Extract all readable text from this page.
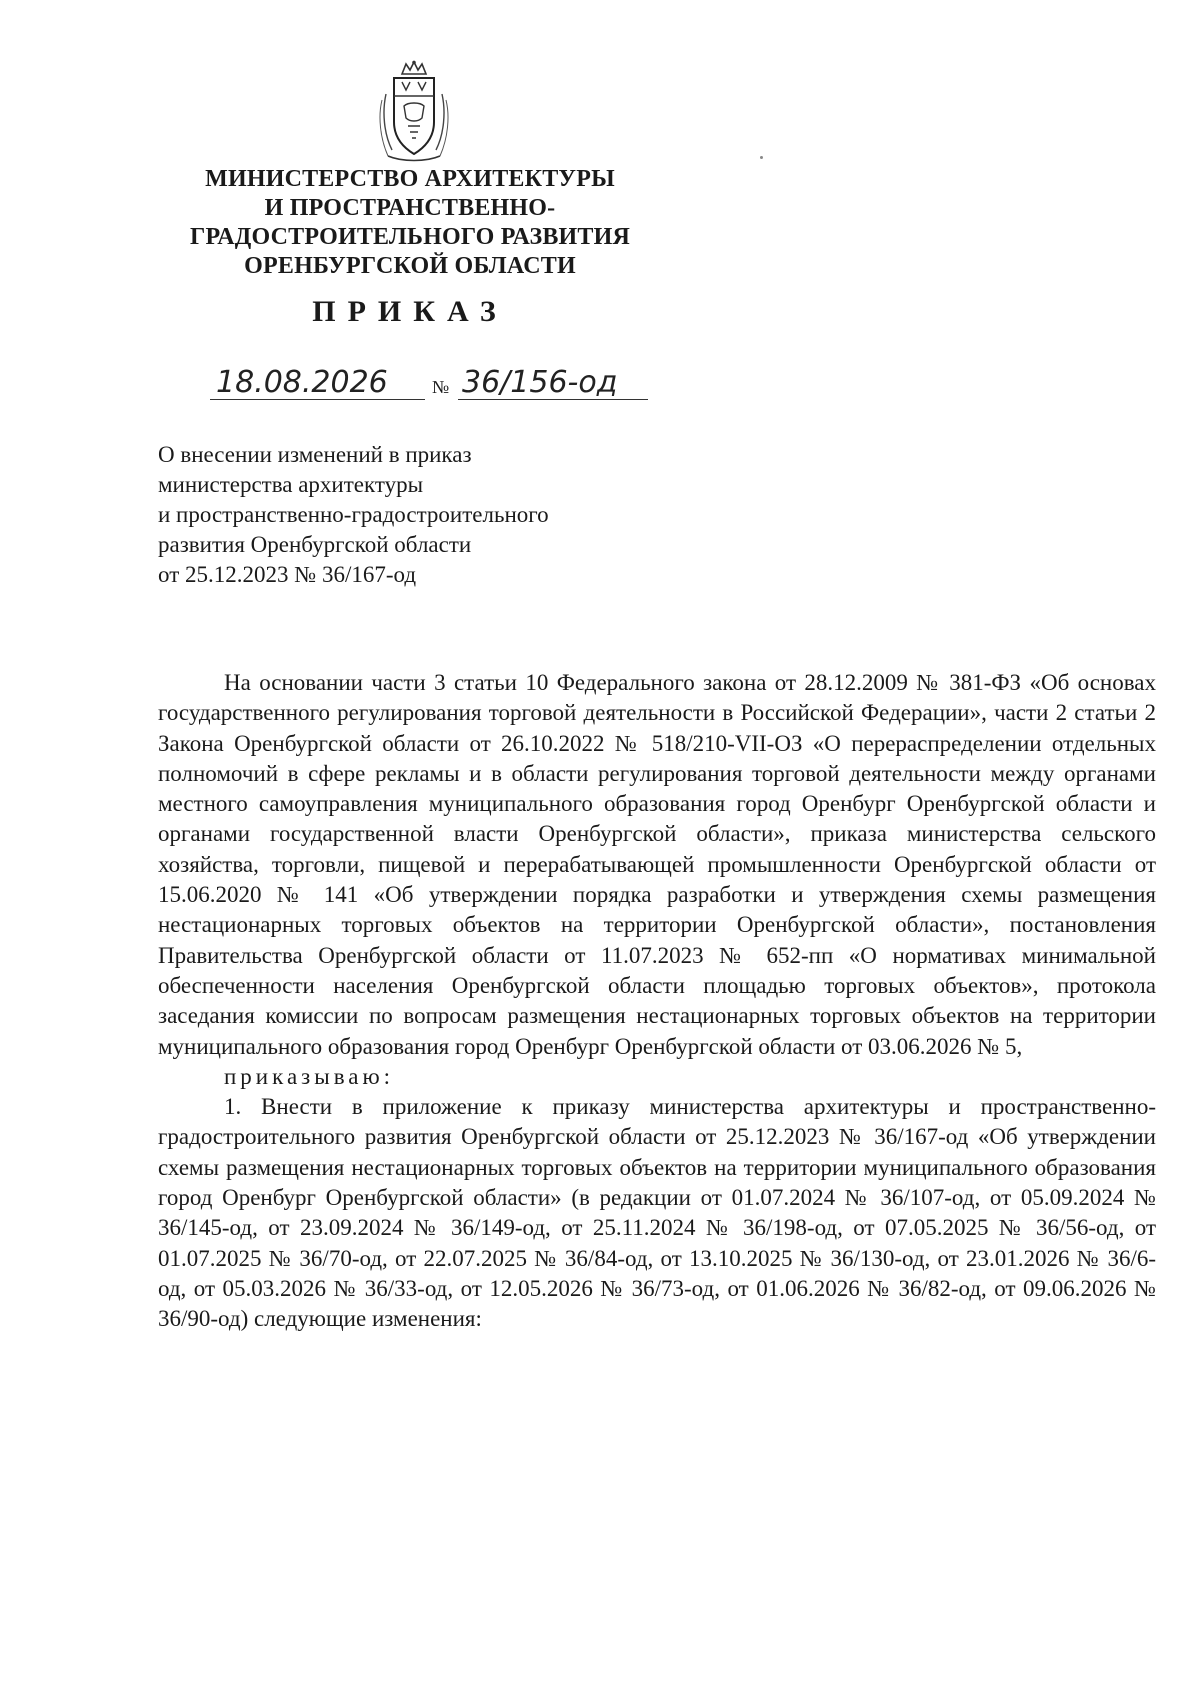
МИНИСТЕРСТВО АРХИТЕКТУРЫ
И ПРОСТРАНСТВЕННО-
ГРАДОСТРОИТЕЛЬНОГО РАЗВИТИЯ
ОРЕНБУРГСКОЙ ОБЛАСТИ
ПРИКАЗ
18.08.2026 № 36/156-од
О внесении изменений в приказ
министерства архитектуры
и пространственно-градостроительного
развития Оренбургской области
от 25.12.2023 № 36/167-од

На основании части 3 статьи 10 Федерального закона от 28.12.2009 № 381-ФЗ «Об основах государственного регулирования торговой деятельности в Российской Федерации», части 2 статьи 2 Закона Оренбургской области от 26.10.2022 № 518/210-VII-ОЗ «О перераспределении отдельных полномочий в сфере рекламы и в области регулирования торговой деятельности между органами местного самоуправления муниципального образования город Оренбург Оренбургской области и органами государственной власти Оренбургской области», приказа министерства сельского хозяйства, торговли, пищевой и перерабатывающей промышленности Оренбургской области от 15.06.2020 № 141 «Об утверждении порядка разработки и утверждения схемы размещения нестационарных торговых объектов на территории Оренбургской области», постановления Правительства Оренбургской области от 11.07.2023 № 652-пп «О нормативах минимальной обеспеченности населения Оренбургской области площадью торговых объектов», протокола заседания комиссии по вопросам размещения нестационарных торговых объектов на территории муниципального образования город Оренбург Оренбургской области от 03.06.2026 № 5,

приказываю:

1. Внести в приложение к приказу министерства архитектуры и пространственно-градостроительного развития Оренбургской области от 25.12.2023 № 36/167-од «Об утверждении схемы размещения нестационарных торговых объектов на территории муниципального образования город Оренбург Оренбургской области» (в редакции от 01.07.2024 № 36/107-од, от 05.09.2024 № 36/145-од, от 23.09.2024 № 36/149-од, от 25.11.2024 № 36/198-од, от 07.05.2025 № 36/56-од, от 01.07.2025 № 36/70-од, от 22.07.2025 № 36/84-од, от 13.10.2025 № 36/130-од, от 23.01.2026 № 36/6-од, от 05.03.2026 № 36/33-од, от 12.05.2026 № 36/73-од, от 01.06.2026 № 36/82-од, от 09.06.2026 № 36/90-од) следующие изменения:
